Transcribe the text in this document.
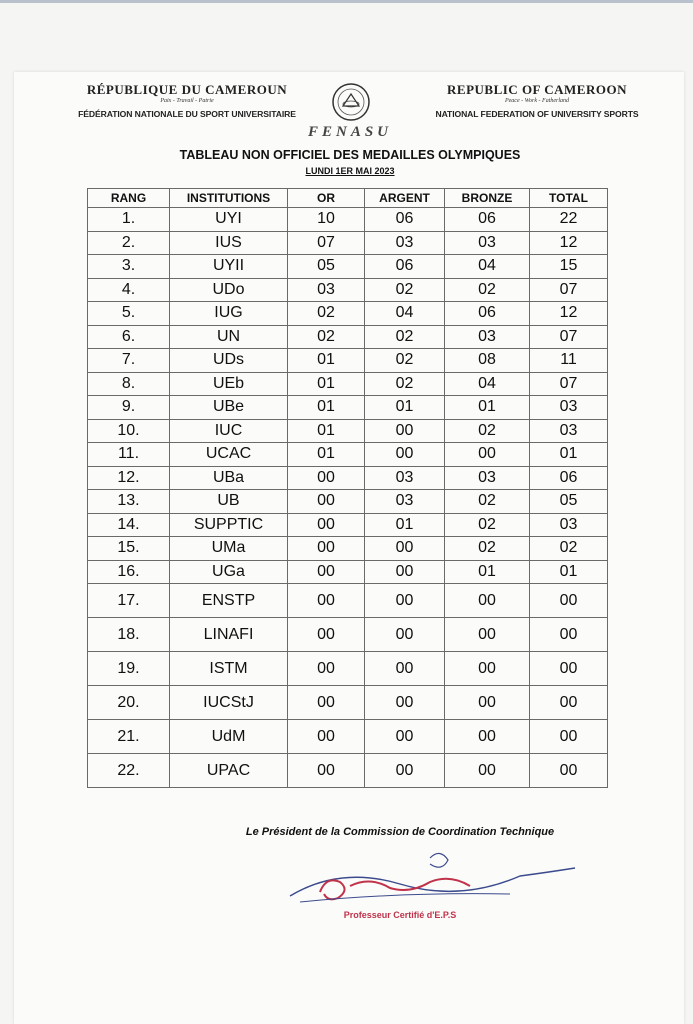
RÉPUBLIQUE DU CAMEROUN
Paix - Travail - Patrie
FÉDÉRATION NATIONALE DU SPORT UNIVERSITAIRE
REPUBLIC OF CAMEROON
Peace - Work - Fatherland
NATIONAL FEDERATION OF UNIVERSITY SPORTS
FENASU
TABLEAU NON OFFICIEL DES MEDAILLES OLYMPIQUES
LUNDI 1ER MAI 2023
RANG	INSTITUTIONS	OR	ARGENT	BRONZE	TOTAL
1.	UYI	10	06	06	22
2.	IUS	07	03	03	12
3.	UYII	05	06	04	15
4.	UDo	03	02	02	07
5.	IUG	02	04	06	12
6.	UN	02	02	03	07
7.	UDs	01	02	08	11
8.	UEb	01	02	04	07
9.	UBe	01	01	01	03
10.	IUC	01	00	02	03
11.	UCAC	01	00	00	01
12.	UBa	00	03	03	06
13.	UB	00	03	02	05
14.	SUPPTIC	00	01	02	03
15.	UMa	00	00	02	02
16.	UGa	00	00	01	01
17.	ENSTP	00	00	00	00
18.	LINAFI	00	00	00	00
19.	ISTM	00	00	00	00
20.	IUCStJ	00	00	00	00
21.	UdM	00	00	00	00
22.	UPAC	00	00	00	00
Le Président de la Commission de Coordination Technique
Professeur Certifié d'E.P.S
